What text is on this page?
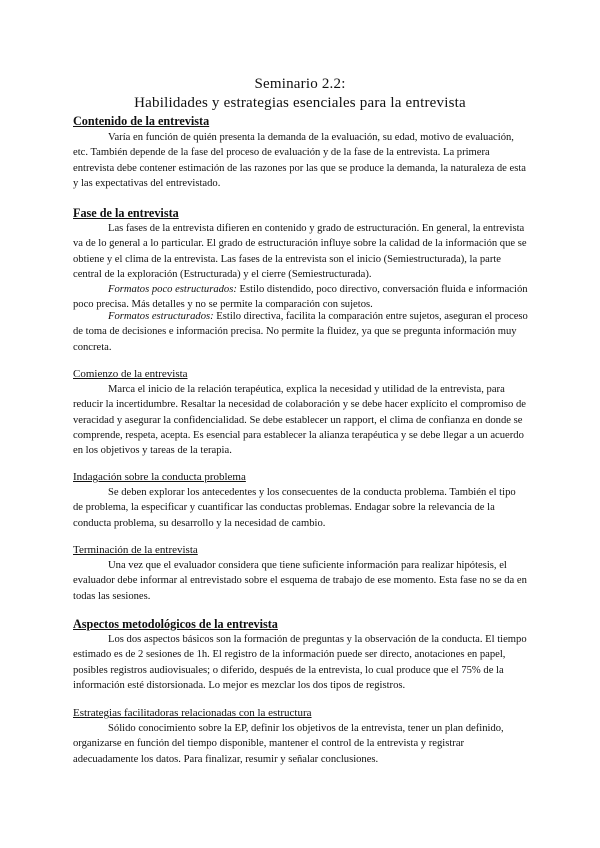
Seminario 2.2:
Habilidades y estrategias esenciales para la entrevista
Contenido de la entrevista

Varía en función de quién presenta la demanda de la evaluación, su edad, motivo de evaluación, etc. También depende de la fase del proceso de evaluación y de la fase de la entrevista. La primera entrevista debe contener estimación de las razones por las que se produce la demanda, la naturaleza de esta y las expectativas del entrevistado.

Fase de la entrevista

Las fases de la entrevista difieren en contenido y grado de estructuración. En general, la entrevista va de lo general a lo particular. El grado de estructuración influye sobre la calidad de la información que se obtiene y el clima de la entrevista. Las fases de la entrevista son el inicio (Semiestructurada), la parte central de la exploración (Estructurada) y el cierre (Semiestructurada).

Formatos poco estructurados: Estilo distendido, poco directivo, conversación fluida e información poco precisa. Más detalles y no se permite la comparación con sujetos.

Formatos estructurados: Estilo directiva, facilita la comparación entre sujetos, aseguran el proceso de toma de decisiones e información precisa. No permite la fluidez, ya que se pregunta información muy concreta.

Comienzo de la entrevista

Marca el inicio de la relación terapéutica, explica la necesidad y utilidad de la entrevista, para reducir la incertidumbre. Resaltar la necesidad de colaboración y se debe hacer explícito el compromiso de veracidad y asegurar la confidencialidad. Se debe establecer un rapport, el clima de confianza en donde se comprende, respeta, acepta. Es esencial para establecer la alianza terapéutica y se debe llegar a un acuerdo en los objetivos y tareas de la terapia.

Indagación sobre la conducta problema

Se deben explorar los antecedentes y los consecuentes de la conducta problema. También el tipo de problema, la especificar y cuantificar las conductas problemas. Endagar sobre la relevancia de la conducta problema, su desarrollo y la necesidad de cambio.

Terminación de la entrevista

Una vez que el evaluador considera que tiene suficiente información para realizar hipótesis, el evaluador debe informar al entrevistado sobre el esquema de trabajo de ese momento. Esta fase no se da en todas las sesiones.

Aspectos metodológicos de la entrevista

Los dos aspectos básicos son la formación de preguntas y la observación de la conducta. El tiempo estimado es de 2 sesiones de 1h. El registro de la información puede ser directo, anotaciones en papel, posibles registros audiovisuales; o diferido, después de la entrevista, lo cual produce que el 75% de la información esté distorsionada. Lo mejor es mezclar los dos tipos de registros.

Estrategias facilitadoras relacionadas con la estructura

Sólido conocimiento sobre la EP, definir los objetivos de la entrevista, tener un plan definido, organizarse en función del tiempo disponible, mantener el control de la entrevista y registrar adecuadamente los datos. Para finalizar, resumir y señalar conclusiones.
